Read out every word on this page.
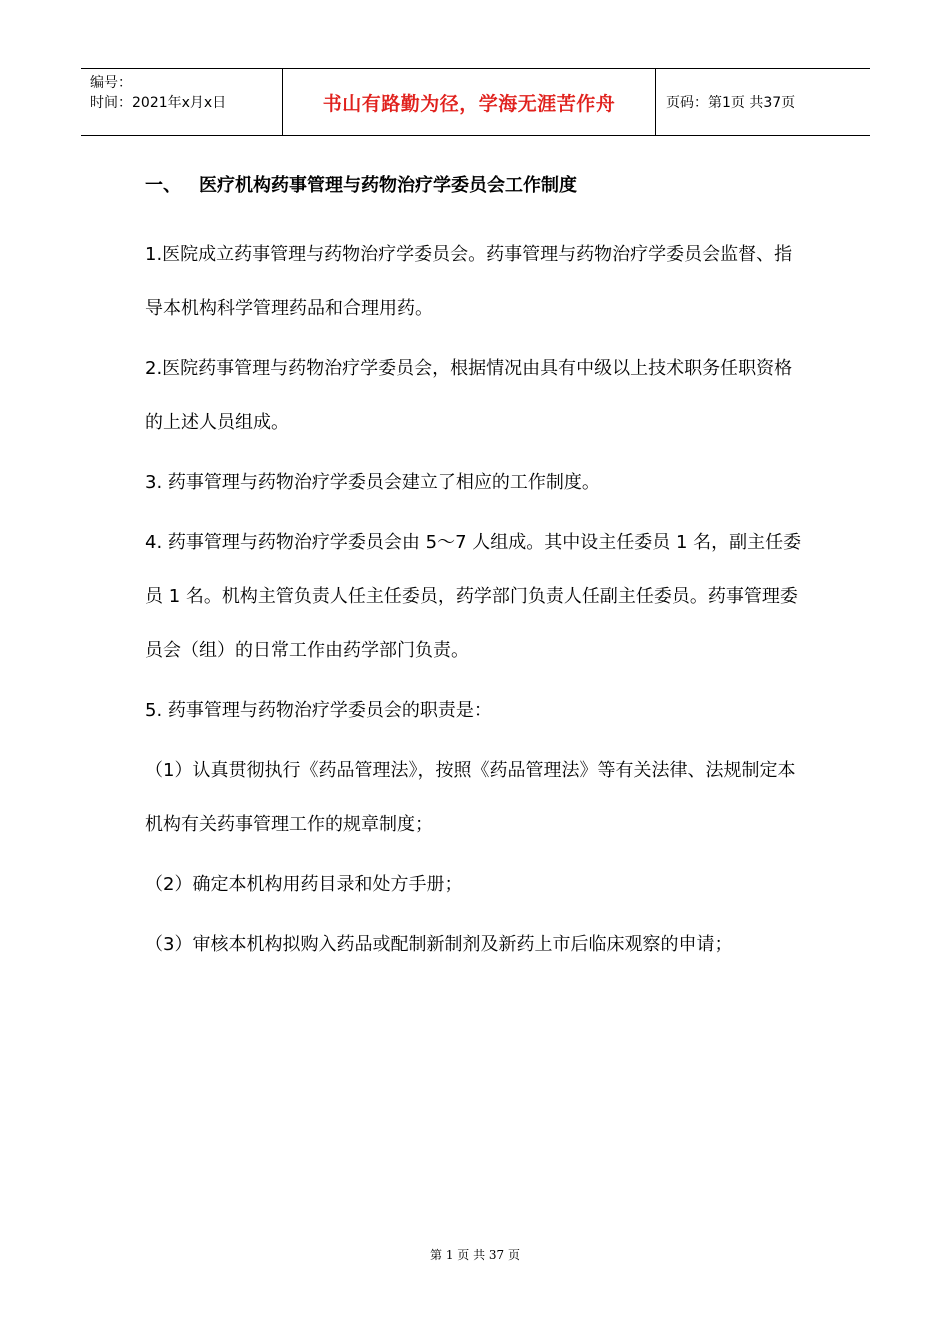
编号：
时间：2021年x月x日	书山有路勤为径，学海无涯苦作舟	页码：第1页 共37页
一、 医疗机构药事管理与药物治疗学委员会工作制度

1.医院成立药事管理与药物治疗学委员会。药事管理与药物治疗学委员会监督、指导本机构科学管理药品和合理用药。

2.医院药事管理与药物治疗学委员会，根据情况由具有中级以上技术职务任职资格的上述人员组成。

3. 药事管理与药物治疗学委员会建立了相应的工作制度。

4. 药事管理与药物治疗学委员会由 5～7 人组成。其中设主任委员 1 名，副主任委员 1 名。机构主管负责人任主任委员，药学部门负责人任副主任委员。药事管理委员会（组）的日常工作由药学部门负责。

5. 药事管理与药物治疗学委员会的职责是：

（1）认真贯彻执行《药品管理法》，按照《药品管理法》等有关法律、法规制定本机构有关药事管理工作的规章制度；

（2）确定本机构用药目录和处方手册；

（3）审核本机构拟购入药品或配制新制剂及新药上市后临床观察的申请；

第 1 页 共 37 页
